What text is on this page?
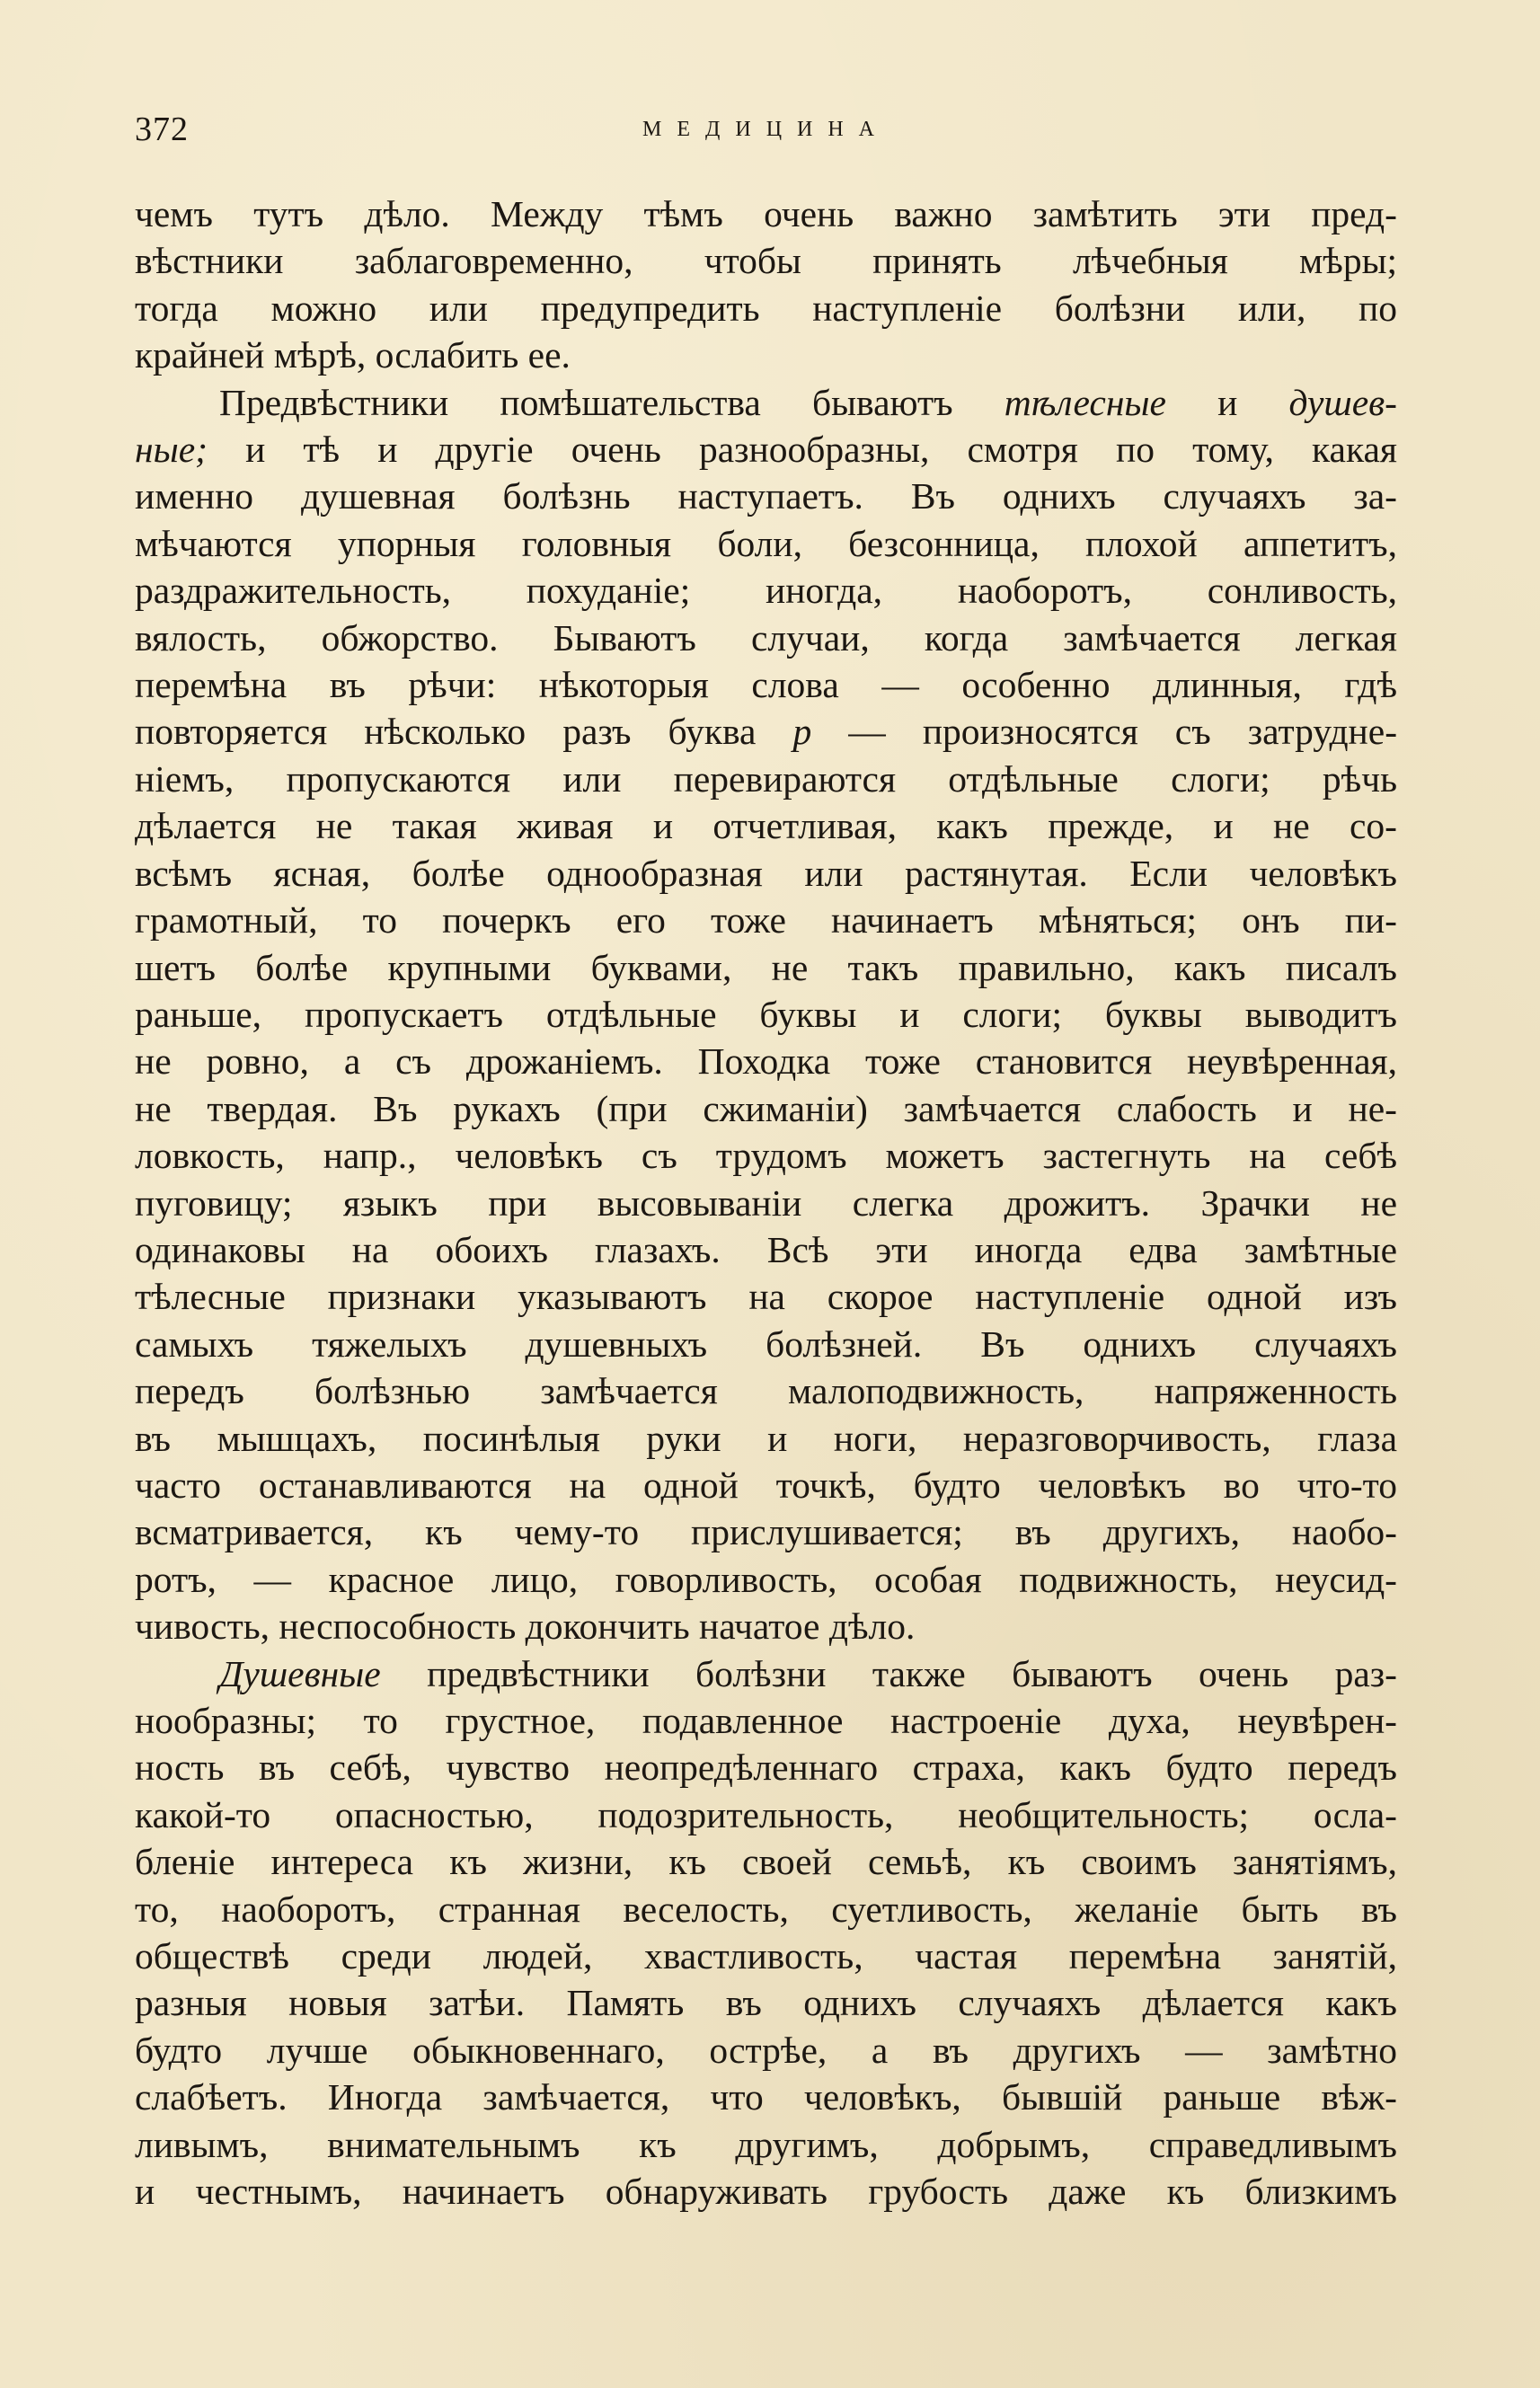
372	МЕДИЦИНА
чемъ тутъ дѣло. Между тѣмъ очень важно замѣтить эти пред-
вѣстники заблаговременно, чтобы принять лѣчебныя мѣры;
тогда можно или предупредить наступленіе болѣзни или, по
крайней мѣрѣ, ослабить ее.
Предвѣстники помѣшательства бываютъ тѣлесные и душев-
ные; и тѣ и другіе очень разнообразны, смотря по тому, какая
именно душевная болѣзнь наступаетъ. Въ однихъ случаяхъ за-
мѣчаются упорныя головныя боли, безсонница, плохой аппетитъ,
раздражительность, похуданіе; иногда, наоборотъ, сонливость,
вялость, обжорство. Бываютъ случаи, когда замѣчается легкая
перемѣна въ рѣчи: нѣкоторыя слова — особенно длинныя, гдѣ
повторяется нѣсколько разъ буква р — произносятся съ затрудне-
ніемъ, пропускаются или перевираются отдѣльные слоги; рѣчь
дѣлается не такая живая и отчетливая, какъ прежде, и не со-
всѣмъ ясная, болѣе однообразная или растянутая. Если человѣкъ
грамотный, то почеркъ его тоже начинаетъ мѣняться; онъ пи-
шетъ болѣе крупными буквами, не такъ правильно, какъ писалъ
раньше, пропускаетъ отдѣльные буквы и слоги; буквы выводитъ
не ровно, а съ дрожаніемъ. Походка тоже становится неувѣренная,
не твердая. Въ рукахъ (при сжиманіи) замѣчается слабость и не-
ловкость, напр., человѣкъ съ трудомъ можетъ застегнуть на себѣ
пуговицу; языкъ при высовываніи слегка дрожитъ. Зрачки не
одинаковы на обоихъ глазахъ. Всѣ эти иногда едва замѣтные
тѣлесные признаки указываютъ на скорое наступленіе одной изъ
самыхъ тяжелыхъ душевныхъ болѣзней. Въ однихъ случаяхъ
передъ болѣзнью замѣчается малоподвижность, напряженность
въ мышцахъ, посинѣлыя руки и ноги, неразговорчивость, глаза
часто останавливаются на одной точкѣ, будто человѣкъ во что-то
всматривается, къ чему-то прислушивается; въ другихъ, наобо-
ротъ, — красное лицо, говорливость, особая подвижность, неусид-
чивость, неспособность докончить начатое дѣло.
Душевные предвѣстники болѣзни также бываютъ очень раз-
нообразны; то грустное, подавленное настроеніе духа, неувѣрен-
ность въ себѣ, чувство неопредѣленнаго страха, какъ будто передъ
какой-то опасностью, подозрительность, необщительность; осла-
бленіе интереса къ жизни, къ своей семьѣ, къ своимъ занятіямъ,
то, наоборотъ, странная веселость, суетливость, желаніе быть въ
обществѣ среди людей, хвастливость, частая перемѣна занятій,
разныя новыя затѣи. Память въ однихъ случаяхъ дѣлается какъ
будто лучше обыкновеннаго, острѣе, а въ другихъ — замѣтно
слабѣетъ. Иногда замѣчается, что человѣкъ, бывшій раньше вѣж-
ливымъ, внимательнымъ къ другимъ, добрымъ, справедливымъ
и честнымъ, начинаетъ обнаруживать грубость даже къ близкимъ
